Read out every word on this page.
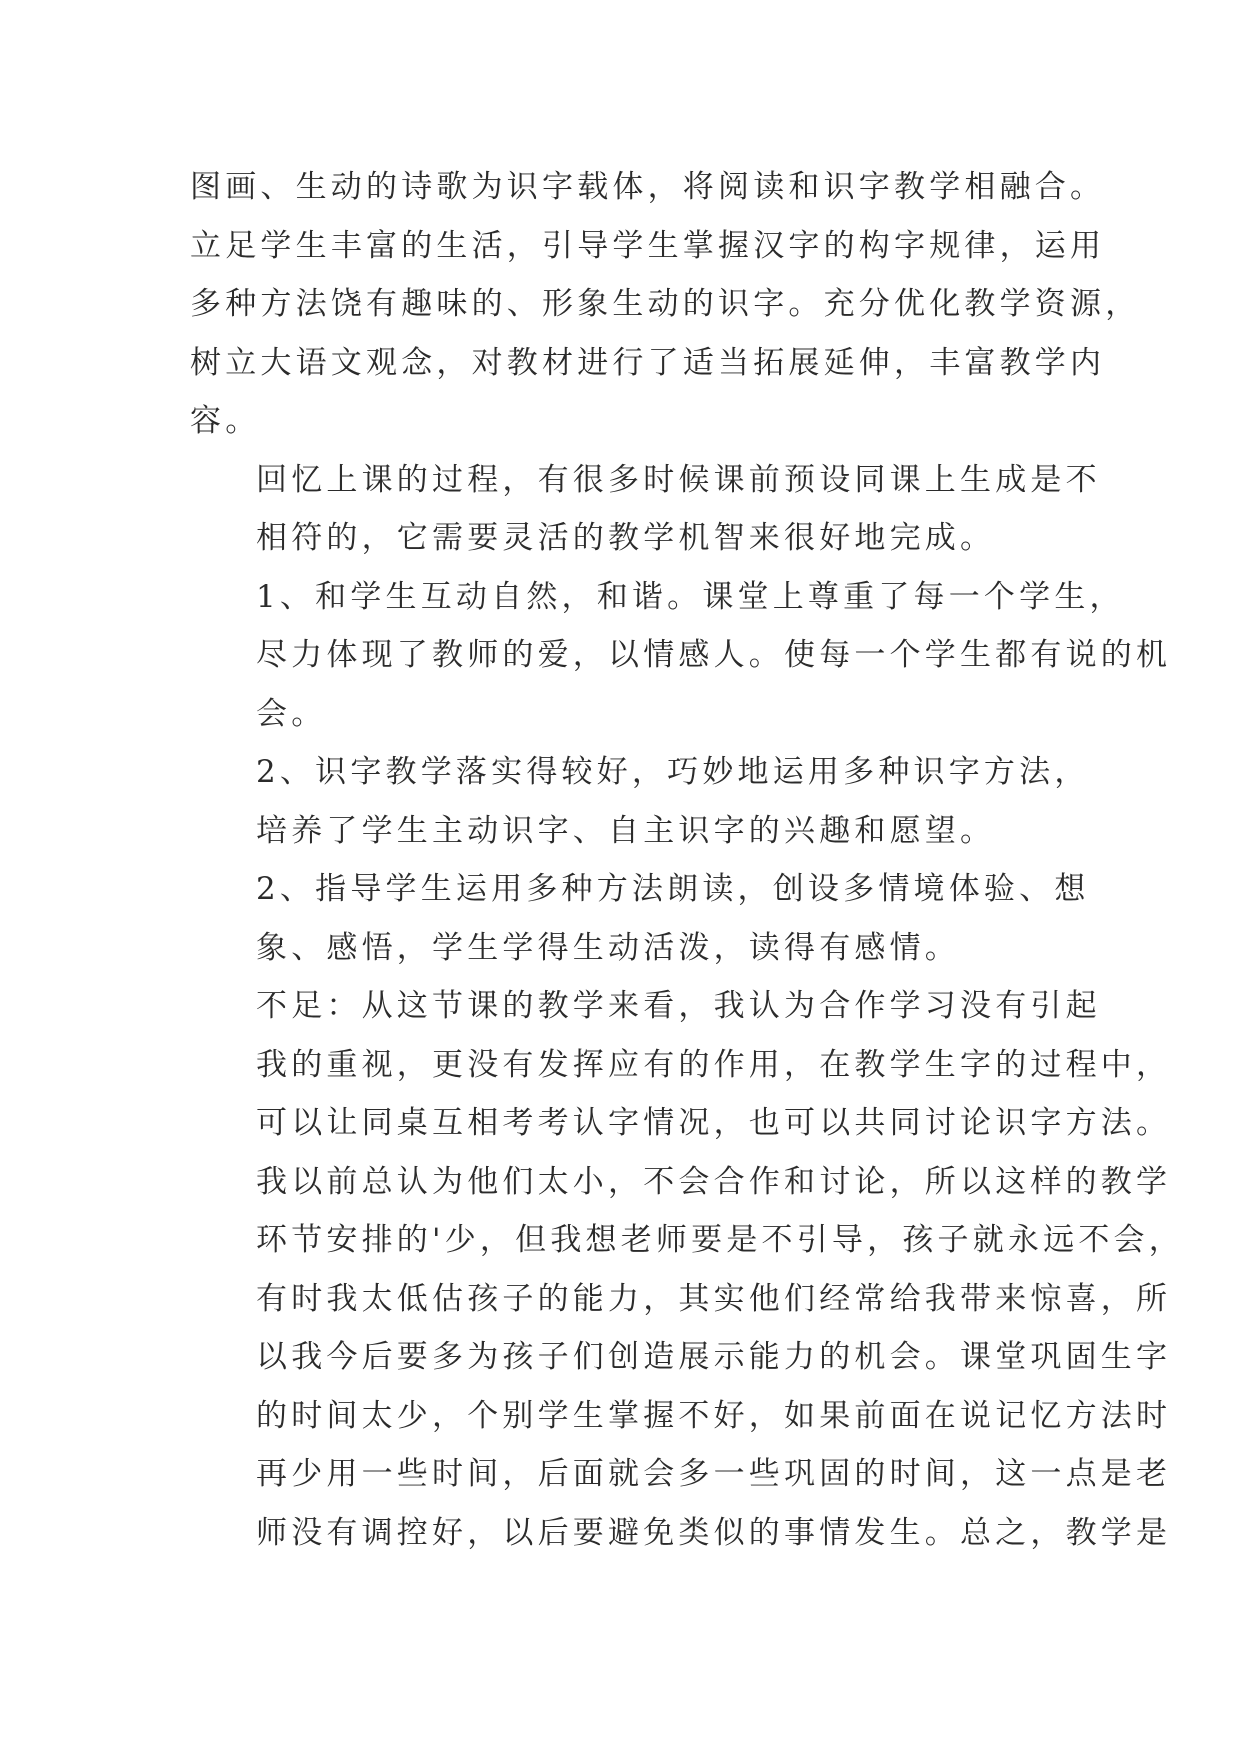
图画、生动的诗歌为识字载体，将阅读和识字教学相融合。
立足学生丰富的生活，引导学生掌握汉字的构字规律，运用
多种方法饶有趣味的、形象生动的识字。充分优化教学资源，
树立大语文观念，对教材进行了适当拓展延伸，丰富教学内
容。

回忆上课的过程，有很多时候课前预设同课上生成是不
相符的，它需要灵活的教学机智来很好地完成。

1、和学生互动自然，和谐。课堂上尊重了每一个学生，
尽力体现了教师的爱，以情感人。使每一个学生都有说的机
会。

2、识字教学落实得较好，巧妙地运用多种识字方法，
培养了学生主动识字、自主识字的兴趣和愿望。

2、指导学生运用多种方法朗读，创设多情境体验、想
象、感悟，学生学得生动活泼，读得有感情。

不足：从这节课的教学来看，我认为合作学习没有引起
我的重视，更没有发挥应有的作用，在教学生字的过程中，
可以让同桌互相考考认字情况，也可以共同讨论识字方法。
我以前总认为他们太小，不会合作和讨论，所以这样的教学
环节安排的'少，但我想老师要是不引导，孩子就永远不会，
有时我太低估孩子的能力，其实他们经常给我带来惊喜，所
以我今后要多为孩子们创造展示能力的机会。课堂巩固生字
的时间太少，个别学生掌握不好，如果前面在说记忆方法时
再少用一些时间，后面就会多一些巩固的时间，这一点是老
师没有调控好，以后要避免类似的事情发生。总之，教学是
